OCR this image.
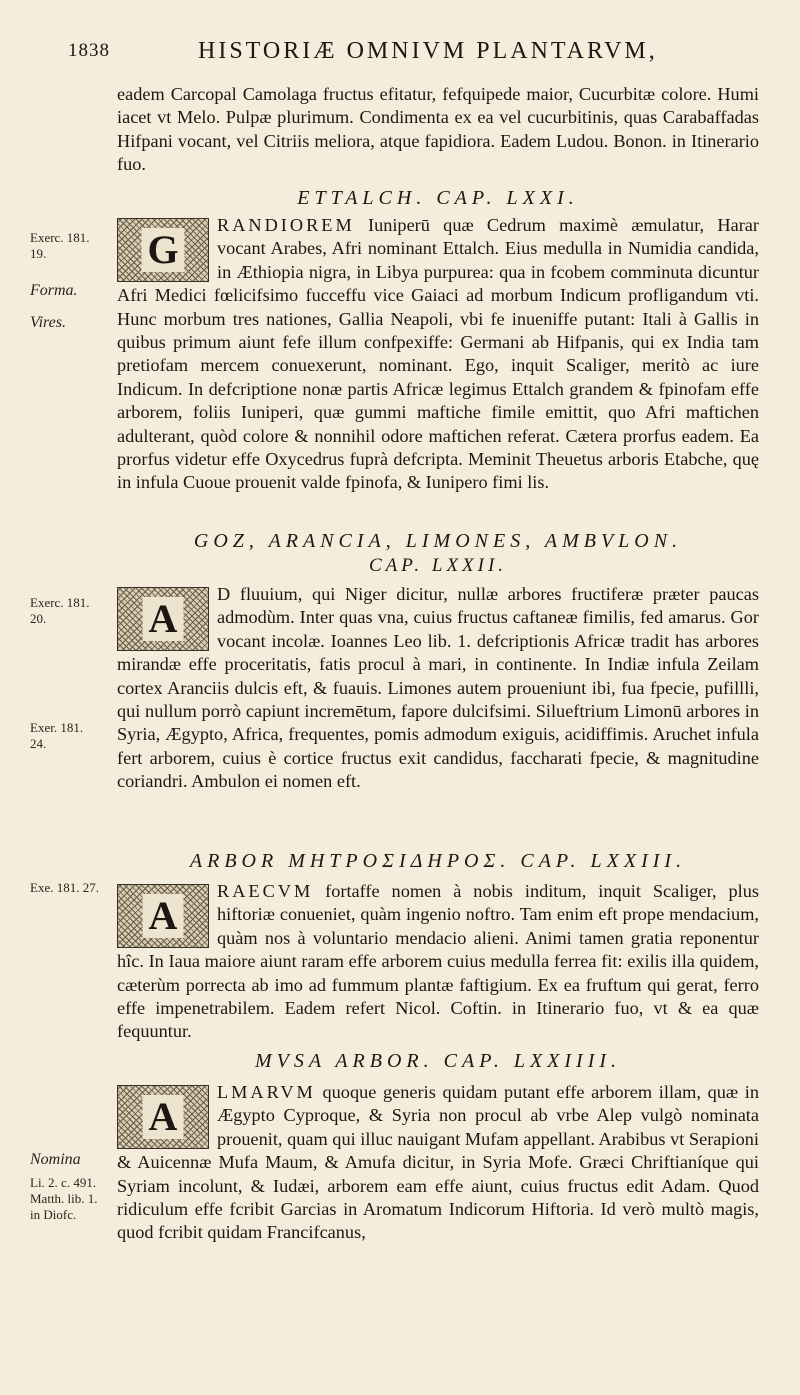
1838	HISTORIÆ OMNIVM PLANTARVM,

eadem Carcopal Camolaga fructus efitatur, fefquipede maior, Cucurbitæ colore. Humi iacet vt Melo. Pulpæ plurimum. Condimenta ex ea vel cucurbitinis, quas Carabaffadas Hifpani vocant, vel Citriis meliora, atque fapidiora. Eadem Ludou. Bonon. in Itinerario fuo.

ETTALCH. CAP. LXXI.
G

RANDIOREM Iuniperū quæ Cedrum maximè æmulatur, Harar vocant Arabes, Afri nominant Ettalch. Eius medulla in Numidia candida, in Æthiopia nigra, in Libya purpurea: qua in fcobem comminuta dicuntur Afri Medici fœlicifsimo fucceffu vice Gaiaci ad morbum Indicum profligandum vti. Hunc morbum tres nationes, Gallia Neapoli, vbi fe inueniffe putant: Itali à Gallis in quibus primum aiunt fefe illum confpexiffe: Germani ab Hifpanis, qui ex India tam pretiofam mercem conuexerunt, nominant. Ego, inquit Scaliger, meritò ac iure Indicum. In defcriptione nonæ partis Africæ legimus Ettalch grandem & fpinofam effe arborem, foliis Iuniperi, quæ gummi maftiche fimile emittit, quo Afri maftichen adulterant, quòd colore & nonnihil odore maftichen referat. Cætera prorfus eadem. Ea prorfus videtur effe Oxycedrus fuprà defcripta. Meminit Theuetus arboris Etabche, quę in infula Cuoue prouenit valde fpinofa, & Iunipero fimi lis.

GOZ, ARANCIA, LIMONES, AMBVLON.
CAP. LXXII.
A

D fluuium, qui Niger dicitur, nullæ arbores fructiferæ præter paucas admodùm. Inter quas vna, cuius fructus caftaneæ fimilis, fed amarus. Gor vocant incolæ. Ioannes Leo lib. 1. defcriptionis Africæ tradit has arbores mirandæ effe proceritatis, fatis procul à mari, in continente. In Indiæ infula Zeilam cortex Aranciis dulcis eft, & fuauis. Limones autem proueniunt ibi, fua fpecie, pufillli, qui nullum porrò capiunt incremētum, fapore dulcifsimi. Silueftrium Limonū arbores in Syria, Ægypto, Africa, frequentes, pomis admodum exiguis, acidiffimis. Aruchet infula fert arborem, cuius è cortice fructus exit candidus, faccharati fpecie, & magnitudine coriandri. Ambulon ei nomen eft.

ARBOR ΜΗΤΡΟΣΙΔΗΡΟΣ. CAP. LXXIII.
A

RAECVM fortaffe nomen à nobis inditum, inquit Scaliger, plus hiftoriæ conueniet, quàm ingenio noftro. Tam enim eft prope mendacium, quàm nos à voluntario mendacio alieni. Animi tamen gratia reponentur hîc. In Iaua maiore aiunt raram effe arborem cuius medulla ferrea fit: exilis illa quidem, cæterùm porrecta ab imo ad fummum plantæ faftigium. Ex ea fruftum qui gerat, ferro effe impenetrabilem. Eadem refert Nicol. Coftin. in Itinerario fuo, vt & ea quæ fequuntur.

MVSA ARBOR. CAP. LXXIIII.
A

LMARVM quoque generis quidam putant effe arborem illam, quæ in Ægypto Cyproque, & Syria non procul ab vrbe Alep vulgò nominata prouenit, quam qui illuc nauigant Mufam appellant. Arabibus vt Serapioni & Auicennæ Mufa Maum, & Amufa dicitur, in Syria Mofe. Græci Chriftianíque qui Syriam incolunt, & Iudæi, arborem eam effe aiunt, cuius fructus edit Adam. Quod ridiculum effe fcribit Garcias in Aromatum Indicorum Hiftoria. Id verò multò magis, quod fcribit quidam Francifcanus,

Exerc. 181. 19.
Forma.
Vires.
Exerc. 181. 20.
Exer. 181. 24.
Exe. 181. 27.
Nomina
Li. 2. c. 491. Matth. lib. 1. in Diofc.
